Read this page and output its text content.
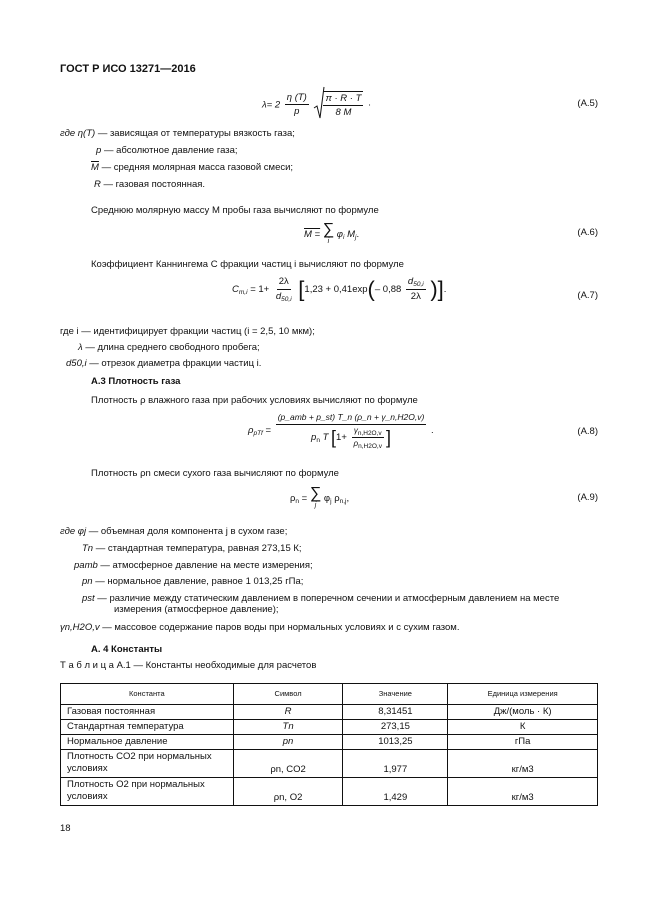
ГОСТ Р ИСО 13271—2016
$\lambda= 2 \frac{\eta (T)}{p}$
$\frac{\pi \cdot R \cdot T}{8 M}$ ·	(A.5)
где η(T) — зависящая от температуры вязкость газа;
p — абсолютное давление газа;
$\overline{M}$ — средняя молярная масса газовой смеси;
R — газовая постоянная.
Среднюю молярную массу M пробы газа вычисляют по формуле
M = ∑
i
$\varphi_i$ $M_j$.	(A.6)
Коэффициент Каннингема C фракции частиц i вычисляют по формуле
$C_{m,i} = 1+ \frac{2\lambda}{d_{50,i}} [1,23 + 0,41\exp(-$ $0,88 \frac{d_{50,i}}{2\lambda}$ )].
(A.7)
где i — идентифицирует фракции частиц (i = 2,5, 10 мкм);
λ — длина среднего свободного пробега;
d50,i — отрезок диаметра фракции частиц i.
А.3 Плотность газа
Плотность ρ влажного газа при рабочих условиях вычисляют по формуле
$\rho_{pTf}$ =
(p_amb + p_st) T_n (ρ_n + γ_n,H2O,v)
$p_n$ T [$1+ \frac{\gamma_{n,H2O,v}}{\rho_{n,H2O,v}}$ ]	.	(A.8)
Плотность ρn смеси сухого газа вычисляют по формуле
$\rho_n$ = ∑
j
$\varphi_j$ $\rho_{n,j}$,	(A.9)
где φj — объемная доля компонента j в сухом газе;
Tn — стандартная температура, равная 273,15 К;
pamb — атмосферное давление на месте измерения;
pn — нормальное давление, равное 1 013,25 гПа;
pst — различие между статическим давлением в поперечном сечении и атмосферным давлением на месте
измерения (атмосферное давление);
γn,H2O,v — массовое содержание паров воды при нормальных условиях и с сухим газом.
А. 4 Константы
Т а б л и ц а А.1 — Константы необходимые для расчетов
Константа	Символ	Значение	Единица измерения
Газовая постоянная	R	8,31451	Дж/(моль · К)
Стандартная температура	Tn	273,15	К
Нормальное давление	pn	1013,25	гПа
Плотность CO2 при нормальных условиях	ρn, CO2	1,977	кг/м3
Плотность O2 при нормальных условиях	ρn, O2	1,429	кг/м3
18
